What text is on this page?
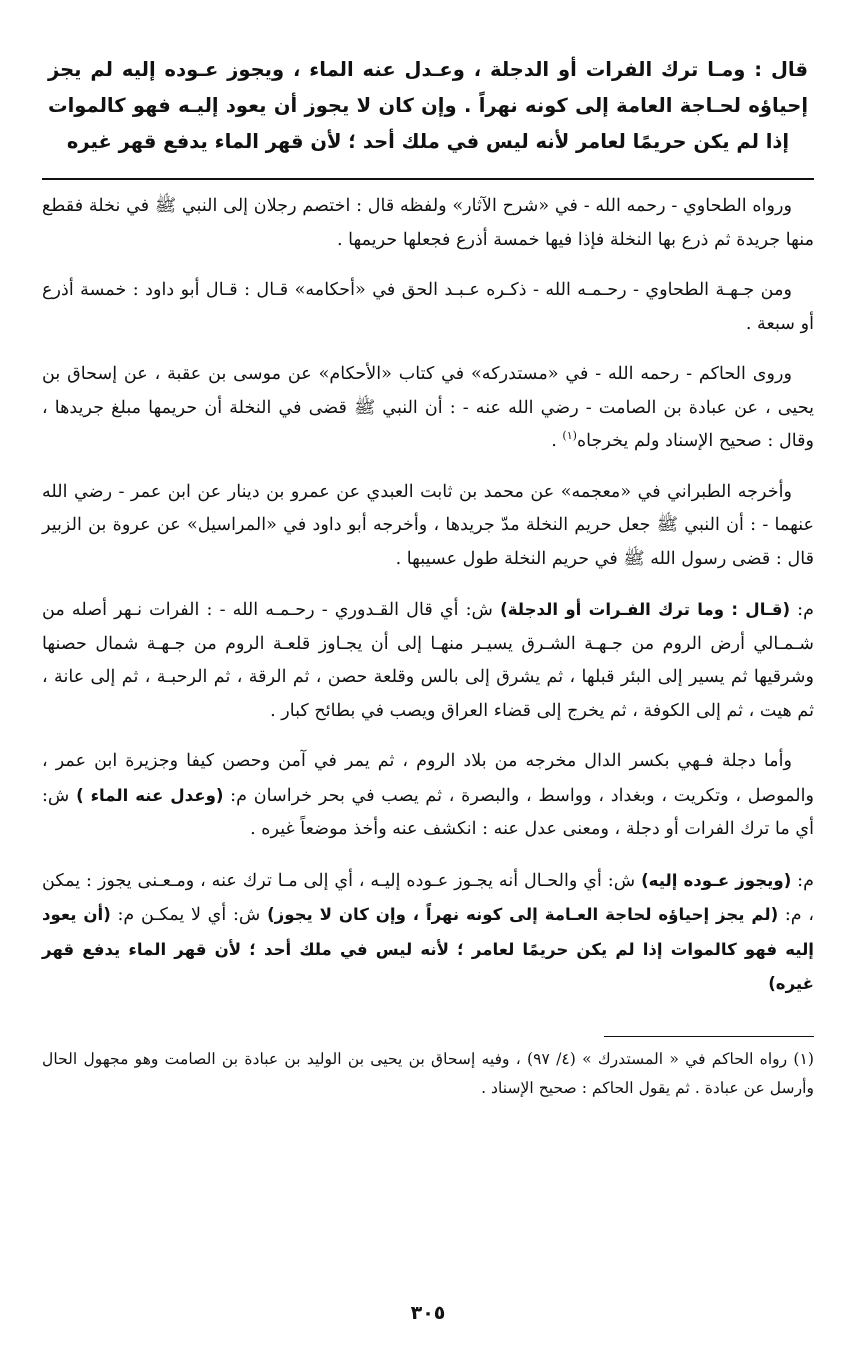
قال : ومـا ترك الفرات أو الدجلة ، وعـدل عنه الماء ، ويجوز عـوده إليه لم يجز إحياؤه لحـاجة العامة إلى كونه نهراً . وإن كان لا يجوز أن يعود إليـه فهو كالموات إذا لم يكن حريمًا لعامر لأنه ليس في ملك أحد ؛ لأن قهر الماء يدفع قهر غيره

ورواه الطحاوي - رحمه الله - في «شرح الآثار» ولفظه قال : اختصم رجلان إلى النبي ﷺ في نخلة فقطع منها جريدة ثم ذرع بها النخلة فإذا فيها خمسة أذرع فجعلها حريمها .

ومن جـهـة الطحاوي - رحـمـه الله - ذكـره عـبـد الحق في «أحكامه» قـال : قـال أبو داود : خمسة أذرع أو سبعة .

وروى الحاكم - رحمه الله - في «مستدركه» في كتاب «الأحكام» عن موسى بن عقبة ، عن إسحاق بن يحيى ، عن عبادة بن الصامت - رضي الله عنه - : أن النبي ﷺ قضى في النخلة أن حريمها مبلغ جريدها ، وقال : صحيح الإسناد ولم يخرجاه$^{(١)}$ .

وأخرجه الطبراني في «معجمه» عن محمد بن ثابت العبدي عن عمرو بن دينار عن ابن عمر - رضي الله عنهما - : أن النبي ﷺ جعل حريم النخلة مدّ جريدها ، وأخرجه أبو داود في «المراسيل» عن عروة بن الزبير قال : قضى رسول الله ﷺ في حريم النخلة طول عسيبها .

م: (قـال : وما ترك الفـرات أو الدجلة) ش: أي قال القـدوري - رحـمـه الله - : الفرات نـهر أصله من شـمـالي أرض الروم من جـهـة الشـرق يسيـر منهـا إلى أن يجـاوز قلعـة الروم من جـهـة شمال حصنها وشرقيها ثم يسير إلى البئر قبلها ، ثم يشرق إلى بالس وقلعة حصن ، ثم الرقة ، ثم الرحبـة ، ثم إلى عانة ، ثم هيت ، ثم إلى الكوفة ، ثم يخرج إلى قضاء العراق ويصب في بطائح كبار .

وأما دجلة فـهي بكسر الدال مخرجه من بلاد الروم ، ثم يمر في آمن وحصن كيفا وجزيرة ابن عمر ، والموصل ، وتكريت ، وبغداد ، وواسط ، والبصرة ، ثم يصب في بحر خراسان م: (وعدل عنه الماء ) ش: أي ما ترك الفرات أو دجلة ، ومعنى عدل عنه : انكشف عنه وأخذ موضعاً غيره .

م: (ويجوز عـوده إليه) ش: أي والحـال أنه يجـوز عـوده إليـه ، أي إلى مـا ترك عنه ، ومـعـنى يجوز : يمكن ، م: (لم يجز إحياؤه لحاجة العـامة إلى كونه نهراً ، وإن كان لا يجوز) ش: أي لا يمكـن م: (أن يعود إليه فهو كالموات إذا لم يكن حريمًا لعامر ؛ لأنه ليس في ملك أحد ؛ لأن قهر الماء يدفع قهر غيره)

(١) رواه الحاكم في « المستدرك » (٤/ ٩٧) ، وفيه إسحاق بن يحيى بن الوليد بن عبادة بن الصامت وهو مجهول الحال وأرسل عن عبادة . ثم يقول الحاكم : صحيح الإسناد .

٣٠٥
